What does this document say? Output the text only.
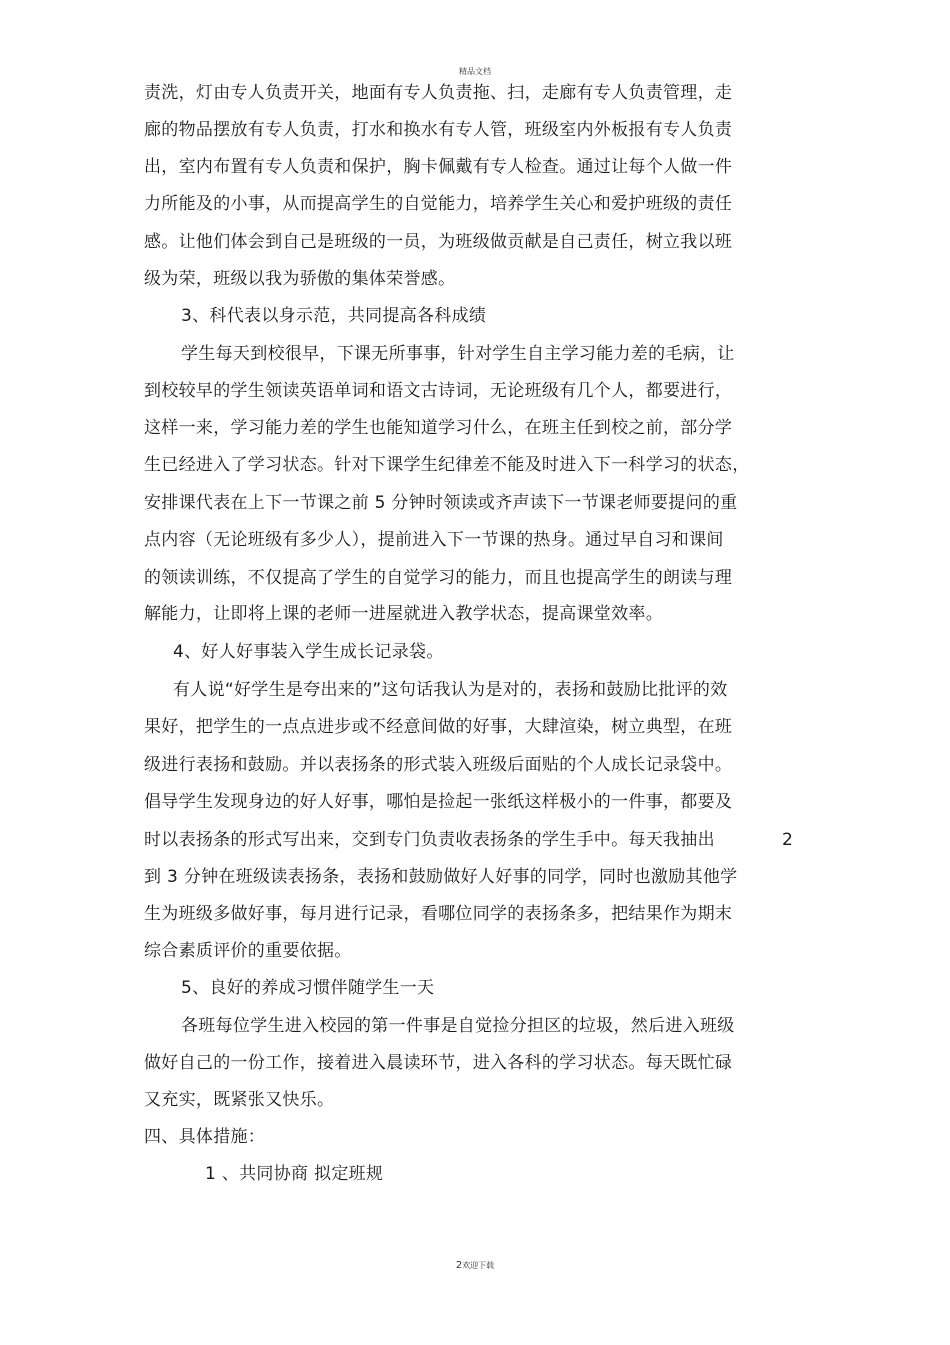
精品文档
责洗，灯由专人负责开关，地面有专人负责拖、扫，走廊有专人负责管理，走
廊的物品摆放有专人负责，打水和换水有专人管，班级室内外板报有专人负责
出，室内布置有专人负责和保护，胸卡佩戴有专人检查。通过让每个人做一件
力所能及的小事，从而提高学生的自觉能力，培养学生关心和爱护班级的责任
感。让他们体会到自己是班级的一员，为班级做贡献是自己责任，树立我以班
级为荣，班级以我为骄傲的集体荣誉感。
3、科代表以身示范，共同提高各科成绩
学生每天到校很早，下课无所事事，针对学生自主学习能力差的毛病，让
到校较早的学生领读英语单词和语文古诗词，无论班级有几个人，都要进行，
这样一来，学习能力差的学生也能知道学习什么，在班主任到校之前，部分学
生已经进入了学习状态。针对下课学生纪律差不能及时进入下一科学习的状态，
安排课代表在上下一节课之前 5 分钟时领读或齐声读下一节课老师要提问的重
点内容（无论班级有多少人），提前进入下一节课的热身。通过早自习和课间
的领读训练，不仅提高了学生的自觉学习的能力，而且也提高学生的朗读与理
解能力，让即将上课的老师一进屋就进入教学状态，提高课堂效率。
4、好人好事装入学生成长记录袋。
有人说“好学生是夸出来的”这句话我认为是对的，表扬和鼓励比批评的效
果好，把学生的一点点进步或不经意间做的好事，大肆渲染，树立典型，在班
级进行表扬和鼓励。并以表扬条的形式装入班级后面贴的个人成长记录袋中。
倡导学生发现身边的好人好事，哪怕是捡起一张纸这样极小的一件事，都要及
时以表扬条的形式写出来，交到专门负责收表扬条的学生手中。每天我抽出	2
到 3 分钟在班级读表扬条，表扬和鼓励做好人好事的同学，同时也激励其他学
生为班级多做好事，每月进行记录，看哪位同学的表扬条多，把结果作为期末
综合素质评价的重要依据。
5、良好的养成习惯伴随学生一天
各班每位学生进入校园的第一件事是自觉捡分担区的垃圾，然后进入班级
做好自己的一份工作，接着进入晨读环节，进入各科的学习状态。每天既忙碌
又充实，既紧张又快乐。
四、具体措施：
1 、共同协商 拟定班规
2欢迎下载
